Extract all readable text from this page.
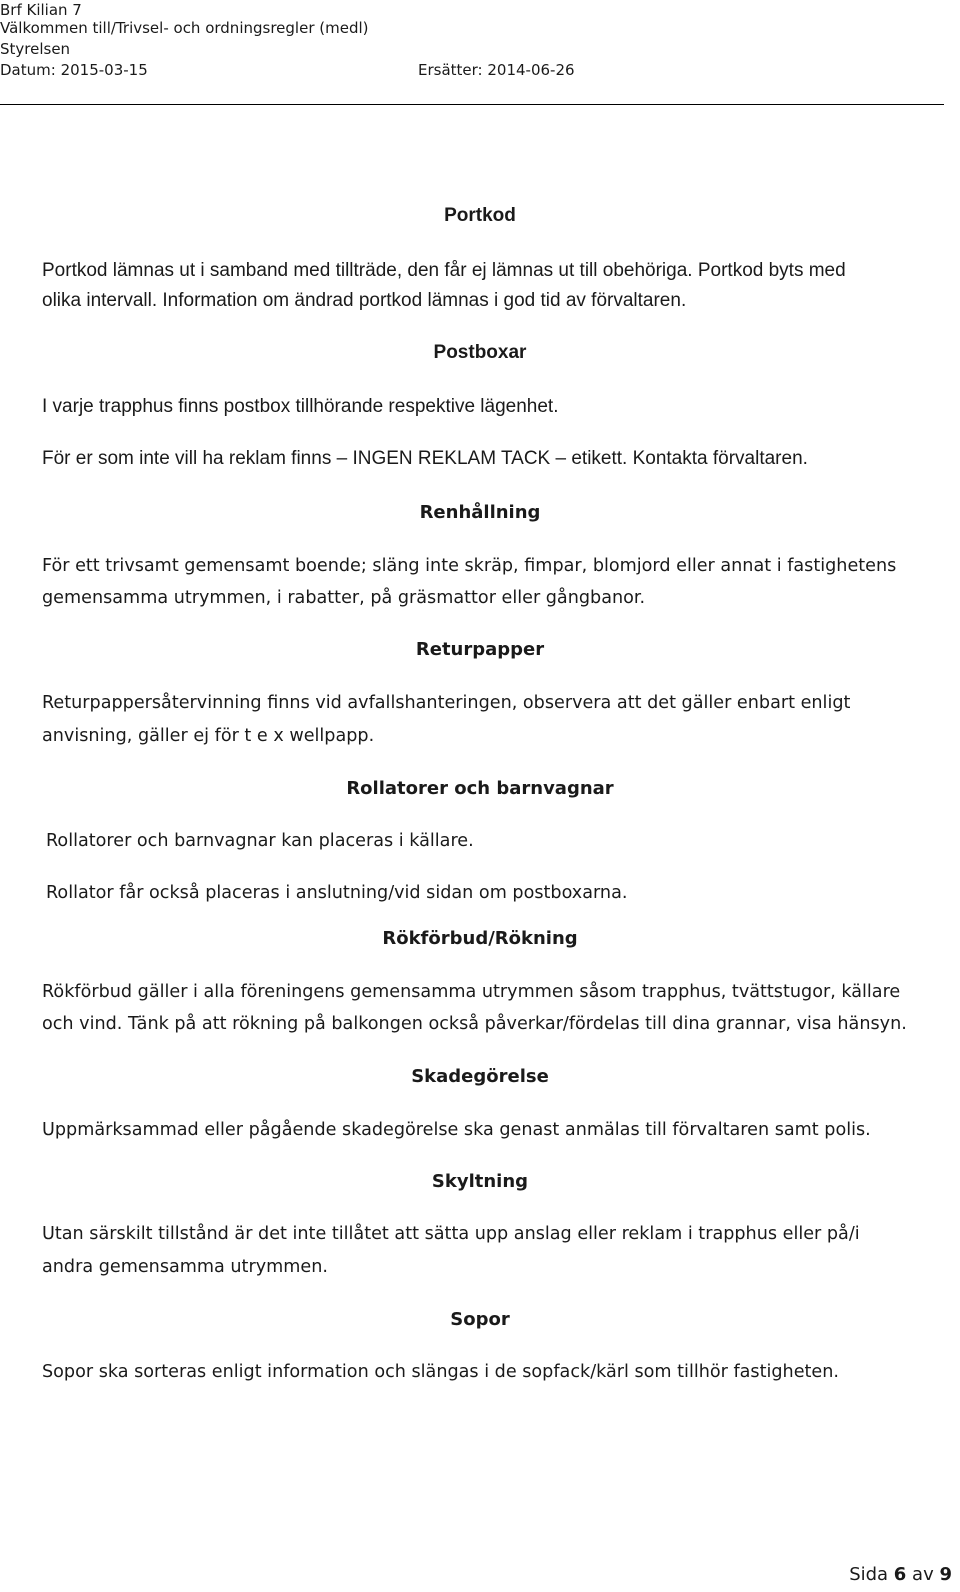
Brf Kilian 7
Välkommen till/Trivsel- och ordningsregler (medl)
Styrelsen
Datum: 2015-03-15	Ersätter: 2014-06-26
Portkod
Portkod lämnas ut i samband med tillträde, den får ej lämnas ut till obehöriga. Portkod byts med
olika intervall. Information om ändrad portkod lämnas i god tid av förvaltaren.
Postboxar
I varje trapphus finns postbox tillhörande respektive lägenhet.
För er som inte vill ha reklam finns – INGEN REKLAM TACK – etikett. Kontakta förvaltaren.
Renhållning
För ett trivsamt gemensamt boende; släng inte skräp, fimpar, blomjord eller annat i fastighetens
gemensamma utrymmen, i rabatter, på gräsmattor eller gångbanor.
Returpapper
Returpappersåtervinning finns vid avfallshanteringen, observera att det gäller enbart enligt
anvisning, gäller ej för t e x wellpapp.
Rollatorer och barnvagnar
Rollatorer och barnvagnar kan placeras i källare.
Rollator får också placeras i anslutning/vid sidan om postboxarna.
Rökförbud/Rökning
Rökförbud gäller i alla föreningens gemensamma utrymmen såsom trapphus, tvättstugor, källare
och vind. Tänk på att rökning på balkongen också påverkar/fördelas till dina grannar, visa hänsyn.
Skadegörelse
Uppmärksammad eller pågående skadegörelse ska genast anmälas till förvaltaren samt polis.
Skyltning
Utan särskilt tillstånd är det inte tillåtet att sätta upp anslag eller reklam i trapphus eller på/i
andra gemensamma utrymmen.
Sopor
Sopor ska sorteras enligt information och slängas i de sopfack/kärl som tillhör fastigheten.
Sida 6 av 9
